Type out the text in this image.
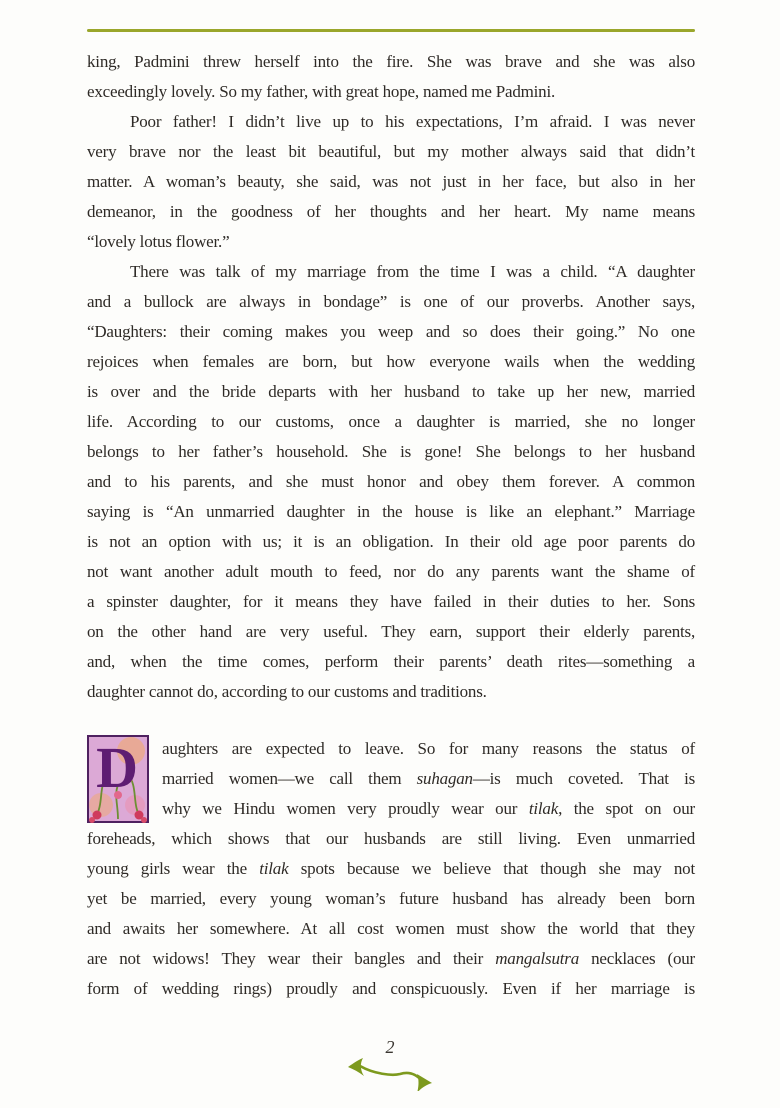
king, Padmini threw herself into the fire. She was brave and she was also
exceedingly lovely. So my father, with great hope, named me Padmini.
Poor father! I didn’t live up to his expectations, I’m afraid. I was never
very brave nor the least bit beautiful, but my mother always said that didn’t
matter. A woman’s beauty, she said, was not just in her face, but also in her
demeanor, in the goodness of her thoughts and her heart. My name means
“lovely lotus flower.”
There was talk of my marriage from the time I was a child. “A daughter
and a bullock are always in bondage” is one of our proverbs. Another says,
“Daughters: their coming makes you weep and so does their going.” No one
rejoices when females are born, but how everyone wails when the wedding
is over and the bride departs with her husband to take up her new, married
life. According to our customs, once a daughter is married, she no longer
belongs to her father’s household. She is gone! She belongs to her husband
and to his parents, and she must honor and obey them forever. A common
saying is “An unmarried daughter in the house is like an elephant.” Marriage
is not an option with us; it is an obligation. In their old age poor parents do
not want another adult mouth to feed, nor do any parents want the shame of
a spinster daughter, for it means they have failed in their duties to her. Sons
on the other hand are very useful. They earn, support their elderly parents,
and, when the time comes, perform their parents’ death rites—something a
daughter cannot do, according to our customs and traditions.
D	aughters are expected to leave. So for many reasons the status of
married women—we call them suhagan—is much coveted. That is
why we Hindu women very proudly wear our tilak, the spot on our
foreheads, which shows that our husbands are still living. Even unmarried
young girls wear the tilak spots because we believe that though she may not
yet be married, every young woman’s future husband has already been born
and awaits her somewhere. At all cost women must show the world that they
are not widows! They wear their bangles and their mangalsutra necklaces (our
form of wedding rings) proudly and conspicuously. Even if her marriage is
2
